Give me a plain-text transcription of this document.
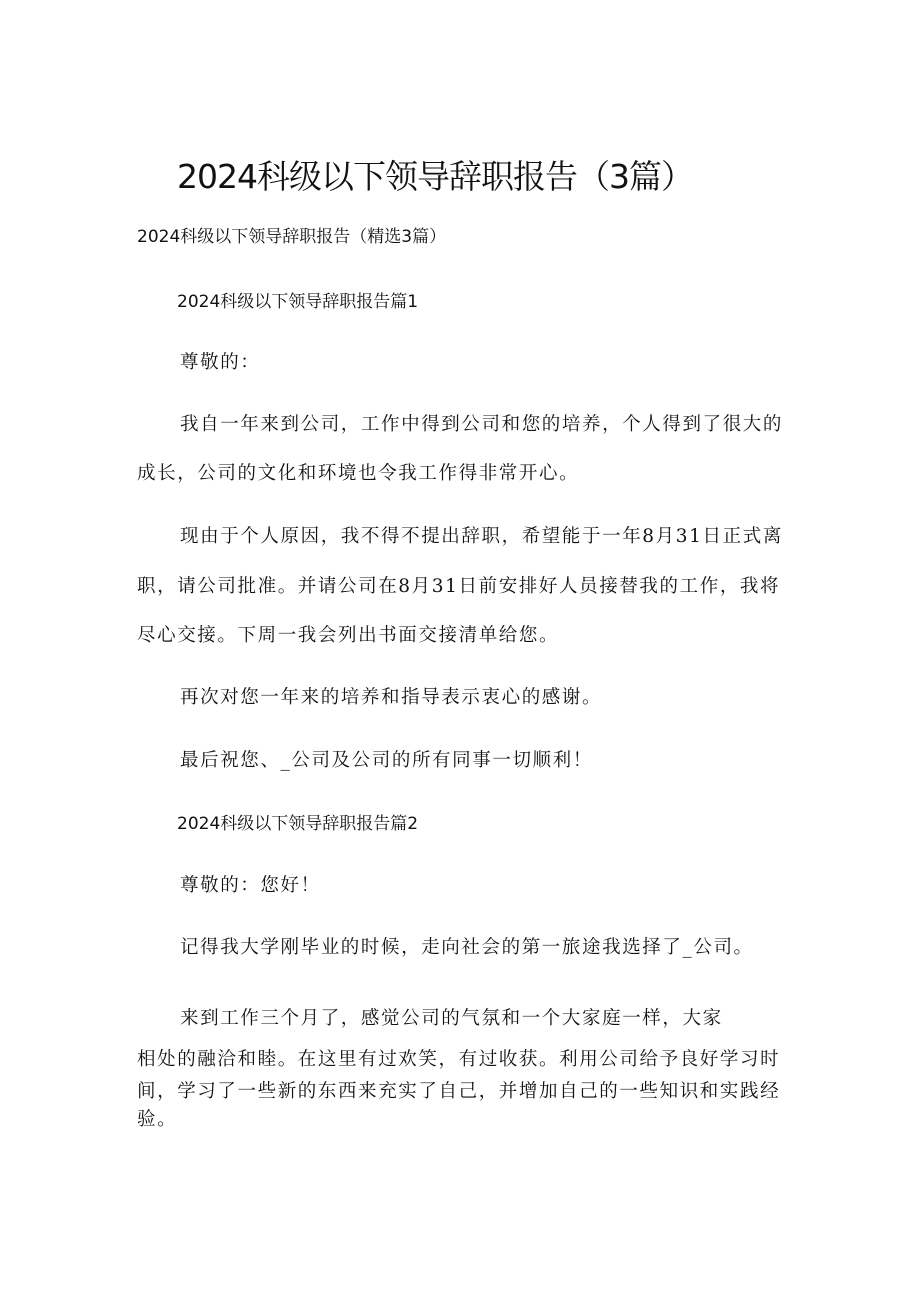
2024科级以下领导辞职报告（3篇）
2024科级以下领导辞职报告（精选3篇）
2024科级以下领导辞职报告篇1
尊敬的：
我自一年来到公司，工作中得到公司和您的培养，个人得到了很大的
成长，公司的文化和环境也令我工作得非常开心。
现由于个人原因，我不得不提出辞职，希望能于一年8月31日正式离
职，请公司批准。并请公司在8月31日前安排好人员接替我的工作，我将
尽心交接。下周一我会列出书面交接清单给您。
再次对您一年来的培养和指导表示衷心的感谢。
最后祝您、_公司及公司的所有同事一切顺利！
2024科级以下领导辞职报告篇2
尊敬的：您好！
记得我大学刚毕业的时候，走向社会的第一旅途我选择了_公司。
来到工作三个月了，感觉公司的气氛和一个大家庭一样，大家
相处的融洽和睦。在这里有过欢笑，有过收获。利用公司给予良好学习时
间，学习了一些新的东西来充实了自己，并增加自己的一些知识和实践经
验。
